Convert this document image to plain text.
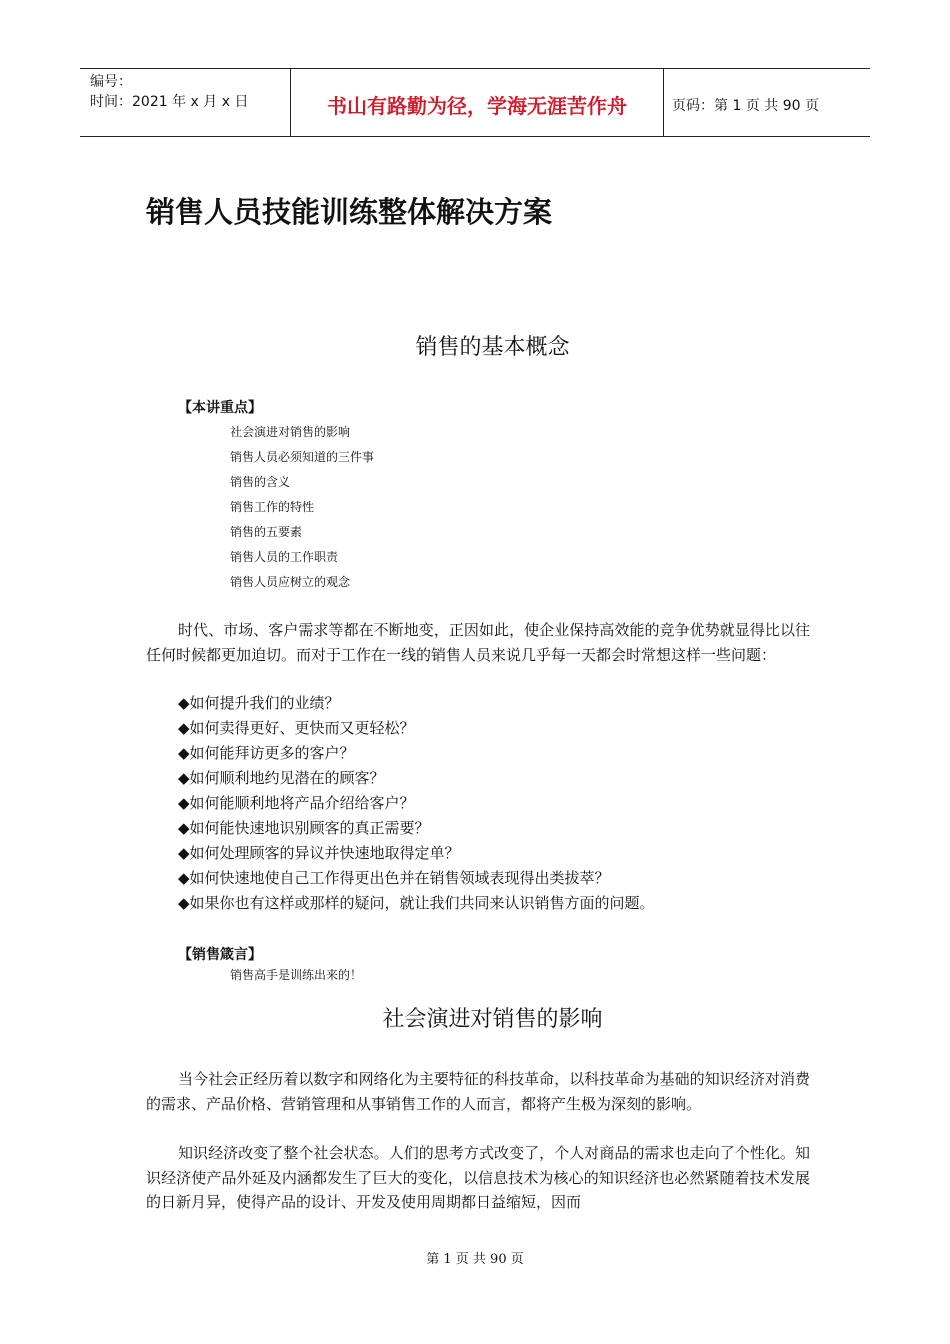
编号：
时间：2021 年 x 月 x 日	书山有路勤为径，学海无涯苦作舟	页码：第 1 页 共 90 页
销售人员技能训练整体解决方案
销售的基本概念
【本讲重点】
社会演进对销售的影响
销售人员必须知道的三件事
销售的含义
销售工作的特性
销售的五要素
销售人员的工作职责
销售人员应树立的观念

时代、市场、客户需求等都在不断地变，正因如此，使企业保持高效能的竞争优势就显得比以往任何时候都更加迫切。而对于工作在一线的销售人员来说几乎每一天都会时常想这样一些问题：

◆如何提升我们的业绩？
◆如何卖得更好、更快而又更轻松？
◆如何能拜访更多的客户？
◆如何顺利地约见潜在的顾客？
◆如何能顺利地将产品介绍给客户？
◆如何能快速地识别顾客的真正需要？
◆如何处理顾客的异议并快速地取得定单？
◆如何快速地使自己工作得更出色并在销售领域表现得出类拔萃？
◆如果你也有这样或那样的疑问，就让我们共同来认识销售方面的问题。
【销售箴言】
销售高手是训练出来的！
社会演进对销售的影响

当今社会正经历着以数字和网络化为主要特征的科技革命，以科技革命为基础的知识经济对消费的需求、产品价格、营销管理和从事销售工作的人而言，都将产生极为深刻的影响。

知识经济改变了整个社会状态。人们的思考方式改变了，个人对商品的需求也走向了个性化。知识经济使产品外延及内涵都发生了巨大的变化，以信息技术为核心的知识经济也必然紧随着技术发展的日新月异，使得产品的设计、开发及使用周期都日益缩短，因而

第 1 页 共 90 页
